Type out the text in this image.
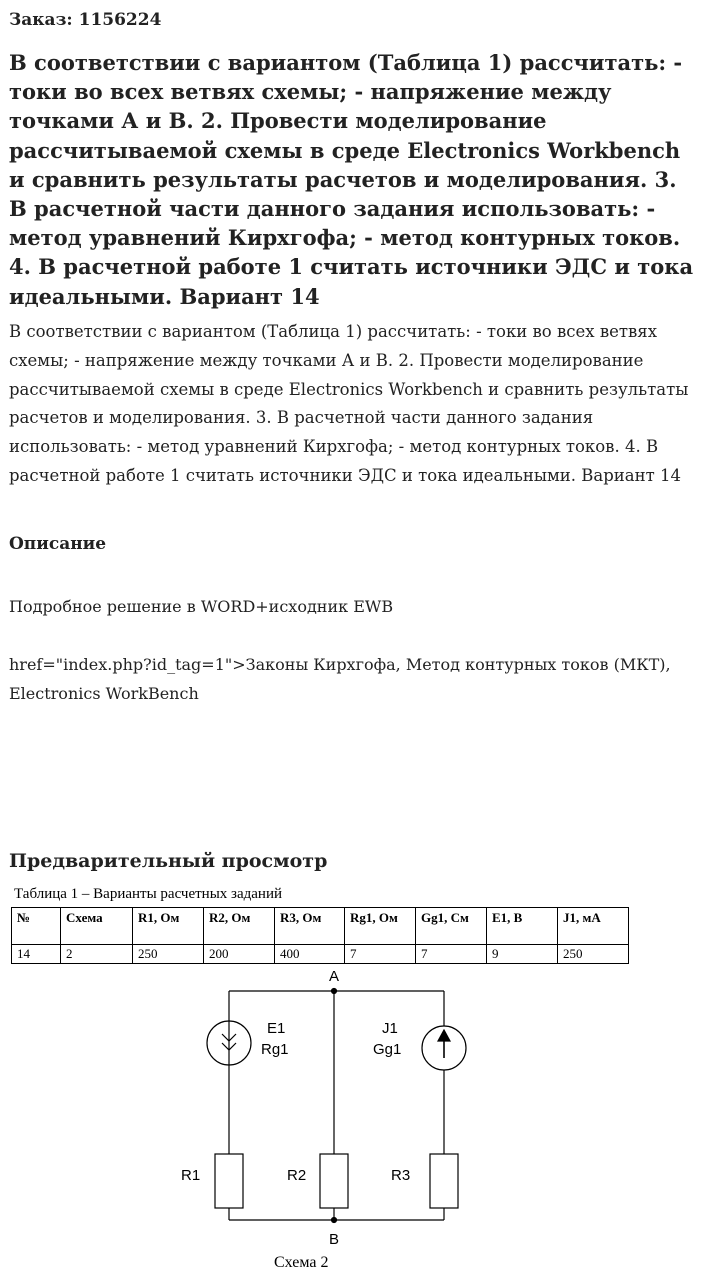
Заказ: 1156224
В соответствии с вариантом (Таблица 1) рассчитать: - токи во всех ветвях схемы; - напряжение между точками А и В. 2. Провести моделирование рассчитываемой схемы в среде Electronics Workbench и сравнить результаты расчетов и моделирования. 3. В расчетной части данного задания использовать: - метод уравнений Кирхгофа; - метод контурных токов. 4. В расчетной работе 1 считать источники ЭДС и тока идеальными. Вариант 14

В соответствии с вариантом (Таблица 1) рассчитать: - токи во всех ветвях схемы; - напряжение между точками А и В. 2. Провести моделирование рассчитываемой схемы в среде Electronics Workbench и сравнить результаты расчетов и моделирования. 3. В расчетной части данного задания использовать: - метод уравнений Кирхгофа; - метод контурных токов. 4. В расчетной работе 1 считать источники ЭДС и тока идеальными. Вариант 14

Описание
Подробное решение в WORD+исходник EWB
href="index.php?id_tag=1">Законы Кирхгофа, Метод контурных токов (МКТ), Electronics WorkBench
Предварительный просмотр
Таблица 1 – Варианты расчетных заданий
№	Схема	R1, Ом	R2, Ом	R3, Ом	Rg1, Ом	Gg1, См	E1, В	J1, мА
14	2	250	200	400	7	7	9	250
A
B
E1
Rg1
J1
Gg1
R1	R2	R3
Схема 2
